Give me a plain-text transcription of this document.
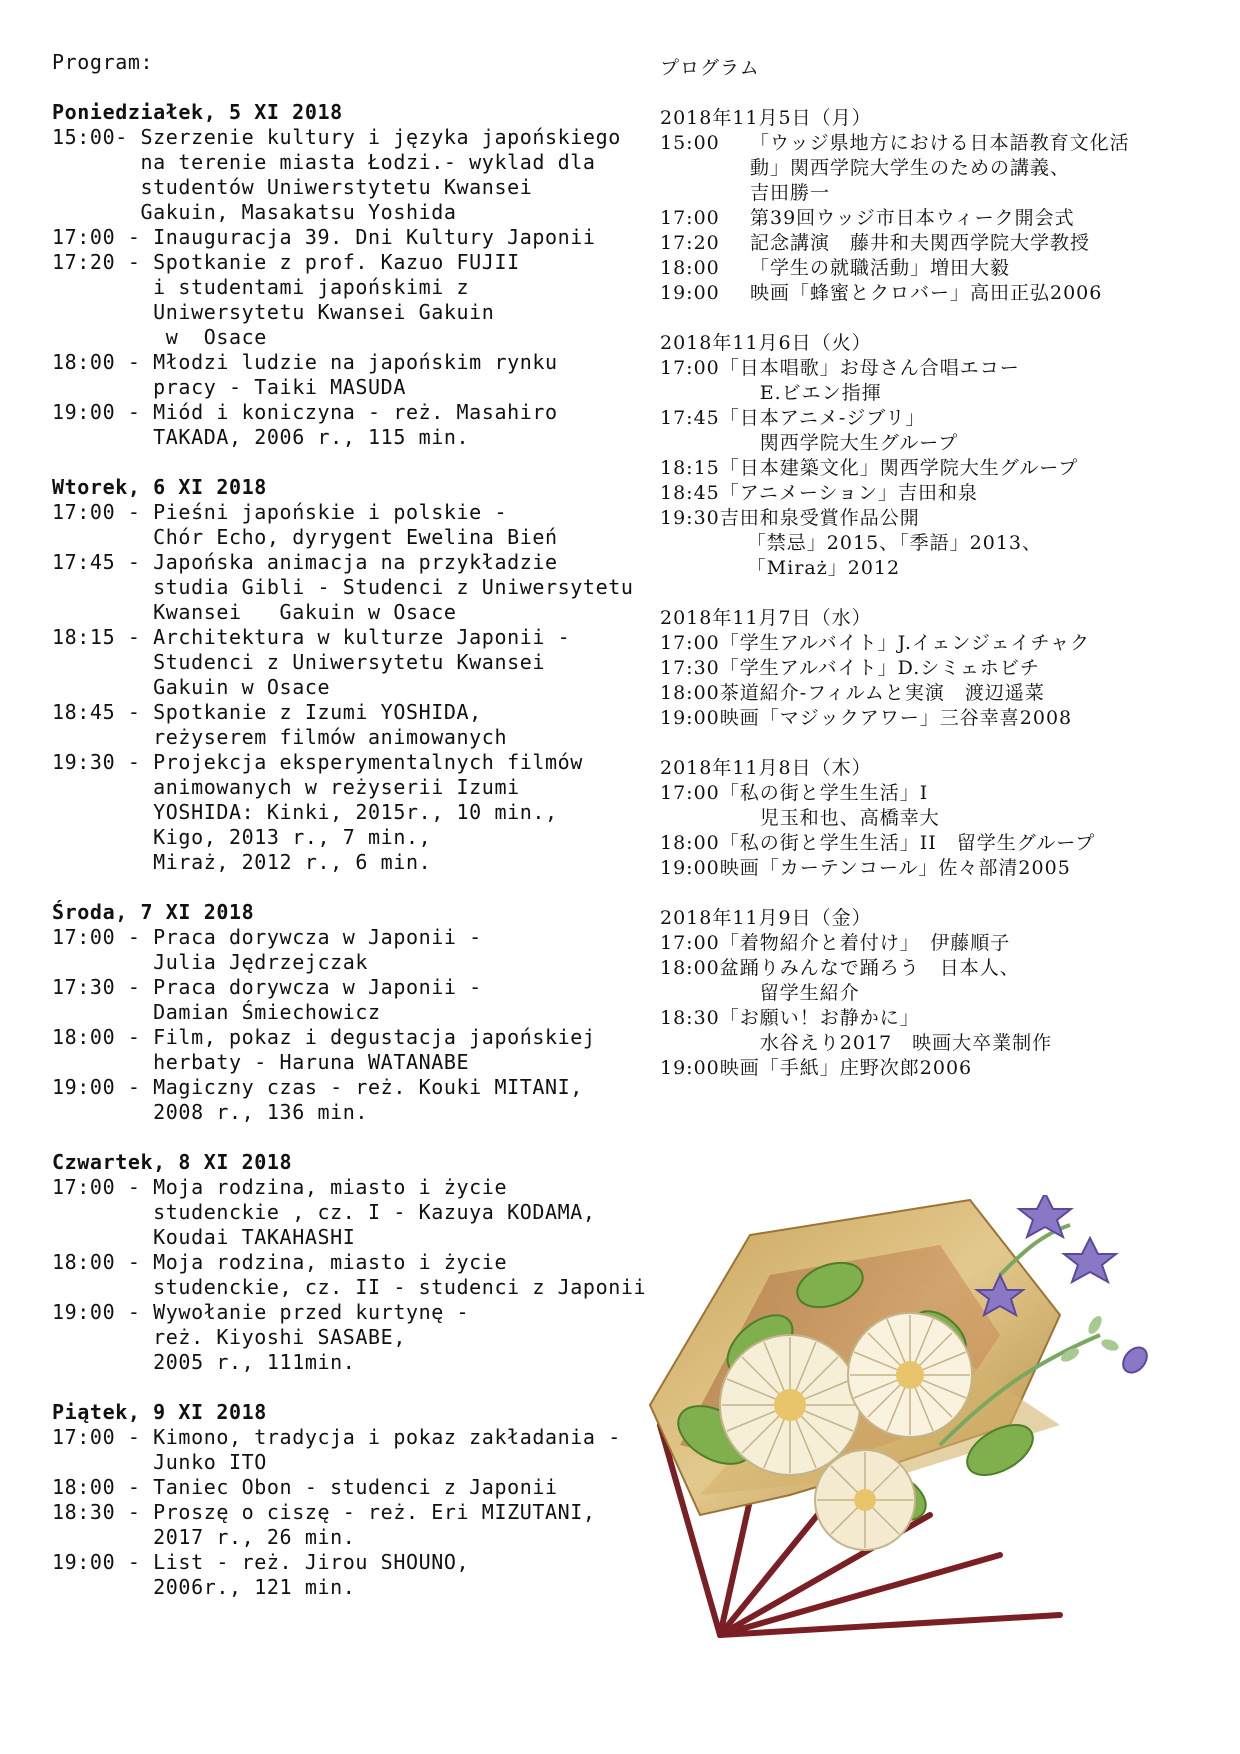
Program:
Poniedziałek, 5 XI 2018
15:00- Szerzenie kultury i języka japońskiego
na terenie miasta Łodzi.- wyklad dla
studentów Uniwerstytetu Kwansei
Gakuin, Masakatsu Yoshida
17:00 - Inauguracja 39. Dni Kultury Japonii
17:20 - Spotkanie z prof. Kazuo FUJII
i studentami japońskimi z
Uniwersytetu Kwansei Gakuin
w  Osace
18:00 - Młodzi ludzie na japońskim rynku
pracy - Taiki MASUDA
19:00 - Miód i koniczyna - reż. Masahiro
TAKADA, 2006 r., 115 min.
Wtorek, 6 XI 2018
17:00 - Pieśni japońskie i polskie -
Chór Echo, dyrygent Ewelina Bień
17:45 - Japońska animacja na przykładzie
studia Gibli - Studenci z Uniwersytetu
Kwansei   Gakuin w Osace
18:15 - Architektura w kulturze Japonii -
Studenci z Uniwersytetu Kwansei
Gakuin w Osace
18:45 - Spotkanie z Izumi YOSHIDA,
reżyserem filmów animowanych
19:30 - Projekcja eksperymentalnych filmów
animowanych w reżyserii Izumi
YOSHIDA: Kinki, 2015r., 10 min.,
Kigo, 2013 r., 7 min.,
Miraż, 2012 r., 6 min.
Środa, 7 XI 2018
17:00 - Praca dorywcza w Japonii -
Julia Jędrzejczak
17:30 - Praca dorywcza w Japonii -
Damian Śmiechowicz
18:00 - Film, pokaz i degustacja japońskiej
herbaty - Haruna WATANABE
19:00 - Magiczny czas - reż. Kouki MITANI,
2008 r., 136 min.
Czwartek, 8 XI 2018
17:00 - Moja rodzina, miasto i życie
studenckie , cz. I - Kazuya KODAMA,
Koudai TAKAHASHI
18:00 - Moja rodzina, miasto i życie
studenckie, cz. II - studenci z Japonii
19:00 - Wywołanie przed kurtynę -
reż. Kiyoshi SASABE,
2005 r., 111min.
Piątek, 9 XI 2018
17:00 - Kimono, tradycja i pokaz zakładania -
Junko ITO
18:00 - Taniec Obon - studenci z Japonii
18:30 - Proszę o ciszę - reż. Eri MIZUTANI,
2017 r., 26 min.
19:00 - List - reż. Jirou SHOUNO,
2006r., 121 min.
プログラム
2018年11月5日（月）
15:00	「ウッジ県地方における日本語教育文化活
動」関西学院大学生のための講義、
吉田勝一
17:00	第39回ウッジ市日本ウィーク開会式
17:20	記念講演　藤井和夫関西学院大学教授
18:00	「学生の就職活動」増田大毅
19:00	映画「蜂蜜とクロバー」高田正弘2006
2018年11月6日（火）
17:00 「日本唱歌」お母さん合唱エコー
　　E.ビエン指揮
17:45 「日本アニメ-ジブリ」
　　関西学院大生グループ
18:15 「日本建築文化」関西学院大生グループ
18:45 「アニメーション」吉田和泉
19:30 吉田和泉受賞作品公開
　 「禁忌」2015、「季語」2013、
　 「Miraż」2012
2018年11月7日（水）
17:00 「学生アルバイト」J.イェンジェイチャク
17:30 「学生アルバイト」D.シミェホビチ
18:00 茶道紹介-フィルムと実演　渡辺遥菜
19:00 映画「マジックアワー」三谷幸喜2008
2018年11月8日（木）
17:00 「私の街と学生生活」I
　　児玉和也、高橋幸大
18:00 「私の街と学生生活」II　留学生グループ
19:00 映画「カーテンコール」佐々部清2005
2018年11月9日（金）
17:00 「着物紹介と着付け」　伊藤順子
18:00 盆踊りみんなで踊ろう　日本人、
　　留学生紹介
18:30 「お願い！お静かに」
　　水谷えり2017　映画大卒業制作
19:00 映画「手紙」庄野次郎2006
